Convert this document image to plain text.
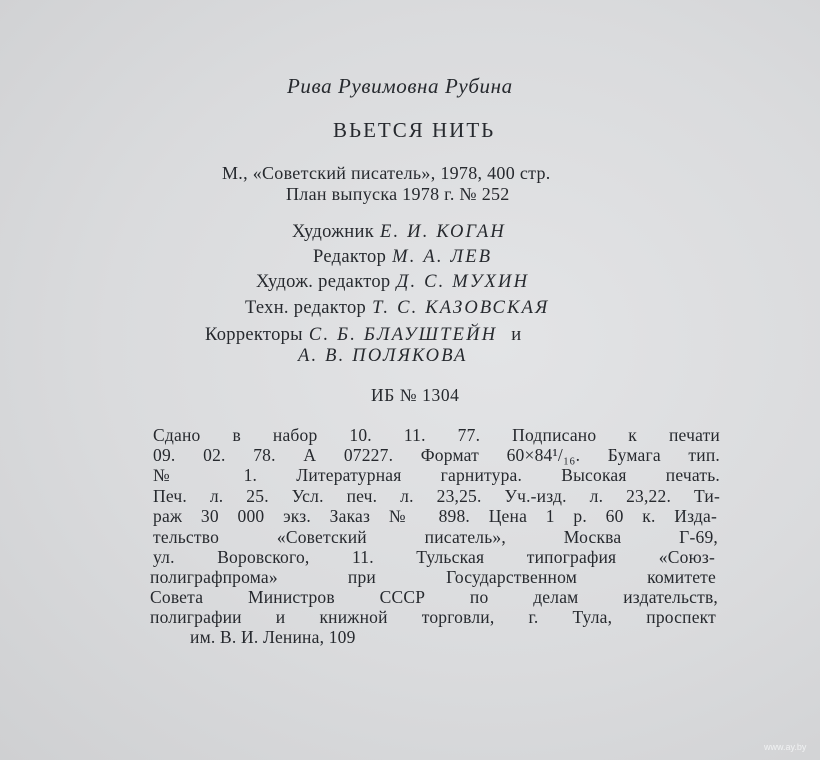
Рива Рувимовна Рубина
ВЬЕТСЯ НИТЬ
М., «Советский писатель», 1978, 400 стр.
План выпуска 1978 г. № 252
Художник Е. И. КОГАН
Редактор М. А. ЛЕВ
Худож. редактор Д. С. МУХИН
Техн. редактор Т. С. КАЗОВСКАЯ
Корректоры С. Б. БЛАУШТЕЙН и
А. В. ПОЛЯКОВА
ИБ № 1304
Сдано в набор 10. 11. 77. Подписано к печати
09. 02. 78. А 07227. Формат 60×84¹/₁₆. Бумага тип.
№ 1. Литературная гарнитура. Высокая печать.
Печ. л. 25. Усл. печ. л. 23,25. Уч.-изд. л. 23,22. Ти-
раж 30 000 экз. Заказ № 898. Цена 1 р. 60 к. Изда-
тельство «Советский писатель», Москва Г-69,
ул. Воровского, 11. Тульская типография «Союз-
полиграфпрома» при Государственном комитете
Совета Министров СССР по делам издательств,
полиграфии и книжной торговли, г. Тула, проспект
им. В. И. Ленина, 109
www.ay.by
